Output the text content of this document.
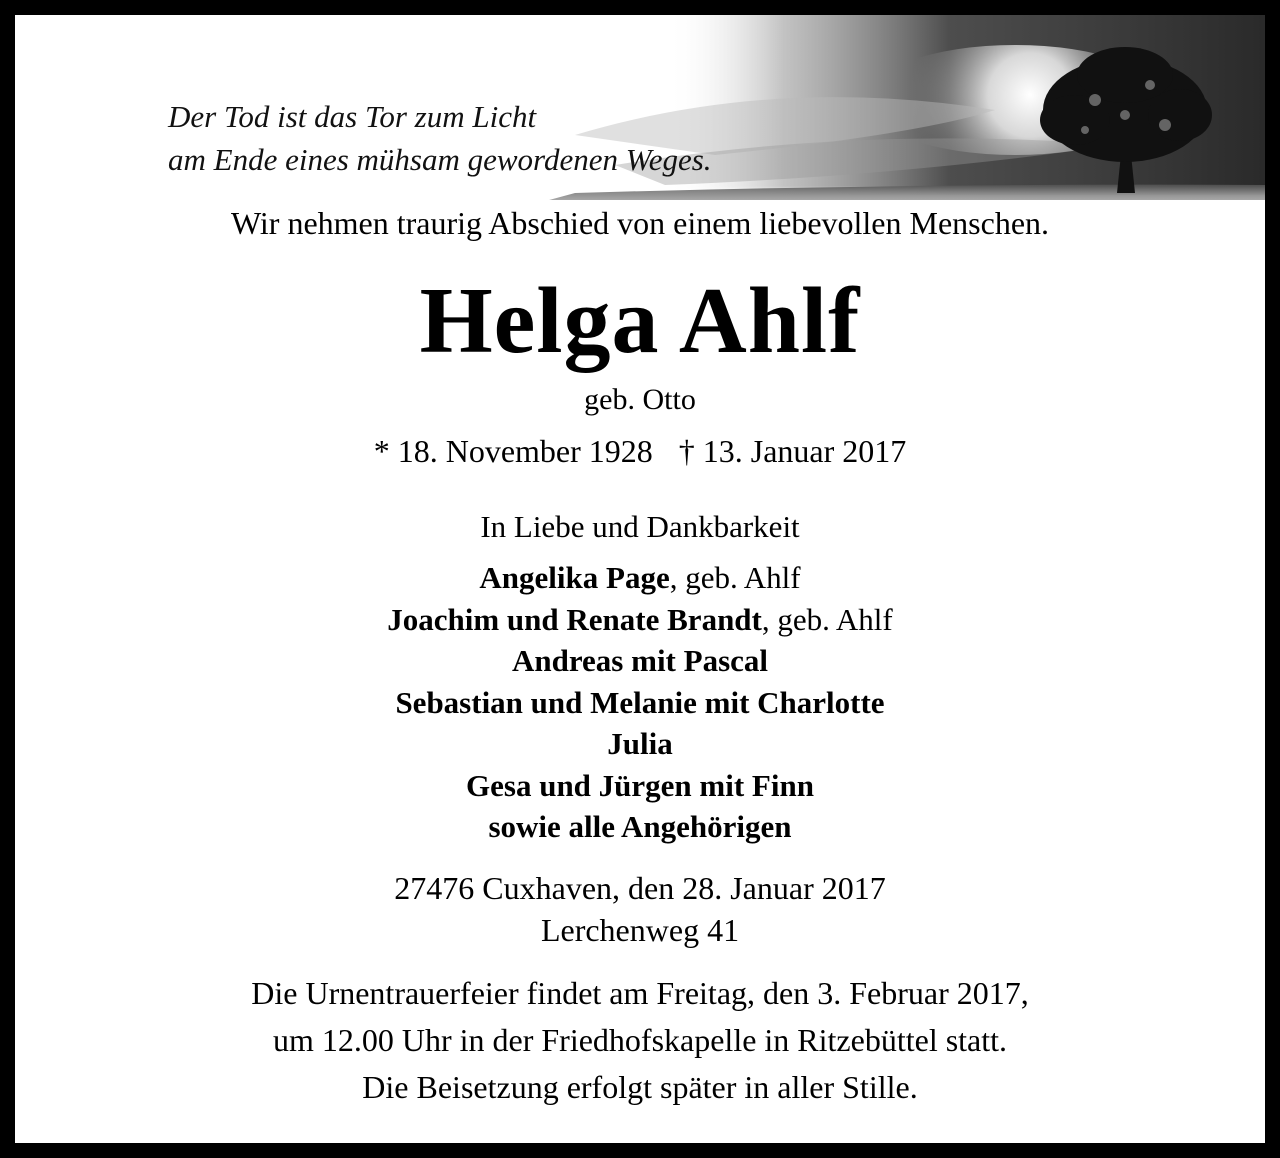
Der Tod ist das Tor zum Licht
am Ende eines mühsam gewordenen Weges.
Wir nehmen traurig Abschied von einem liebevollen Menschen.
Helga Ahlf
geb. Otto
* 18. November 1928 † 13. Januar 2017
In Liebe und Dankbarkeit
Angelika Page, geb. Ahlf
Joachim und Renate Brandt, geb. Ahlf
Andreas mit Pascal
Sebastian und Melanie mit Charlotte
Julia
Gesa und Jürgen mit Finn
sowie alle Angehörigen
27476 Cuxhaven, den 28. Januar 2017
Lerchenweg 41
Die Urnentrauerfeier findet am Freitag, den 3. Februar 2017,
um 12.00 Uhr in der Friedhofskapelle in Ritzebüttel statt.
Die Beisetzung erfolgt später in aller Stille.
